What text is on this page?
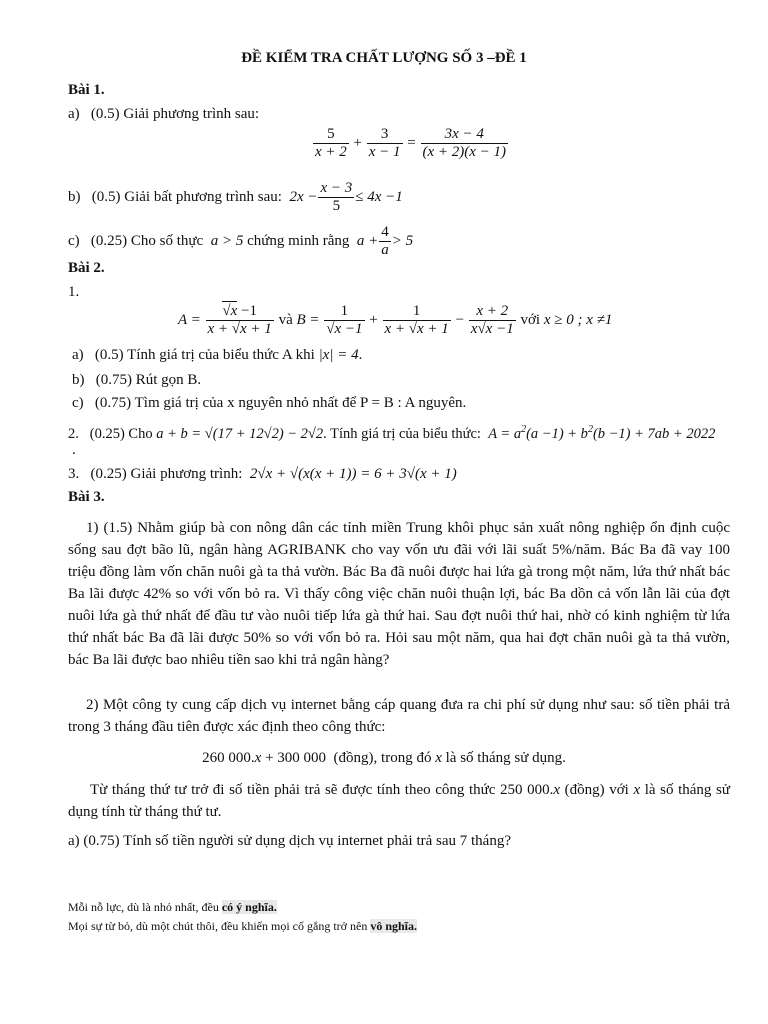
ĐỀ KIỂM TRA CHẤT LƯỢNG SỐ 3 –ĐỀ 1
Bài 1.
a) (0.5) Giải phương trình sau:
$\frac{5}{x + 2} + \frac{3}{x - 1} = \frac{3x - 4}{(x + 2)(x - 1)}$
b) (0.5) Giải bất phương trình sau: $2x - \frac{x - 3}{5} \le 4x -1$
c) (0.25) Cho số thực a > 5 chứng minh rằng $a + \frac{4}{a} > 5$
Bài 2.
1.
$A = \frac{√x -1}{x + √x + 1}$ và $B = \frac{1}{√x -1} + \frac{1}{x + √x + 1} - \frac{x + 2}{x√x -1}$ với x ≥ 0 ; x ≠1
a) (0.5) Tính giá trị của biểu thức A khi |x| = 4.
b) (0.75) Rút gọn B.
c) (0.75) Tìm giá trị của x nguyên nhỏ nhất để P = B : A nguyên.
2. (0.25) Cho a + b = √(17 + 12√2) − 2√2. Tính giá trị của biểu thức: $A = a^2(a -1) + b^2(b -1) + 7ab + 2022$
.
3. (0.25) Giải phương trình: 2√x + √(x(x + 1)) = 6 + 3√(x + 1)
Bài 3.

1) (1.5) Nhằm giúp bà con nông dân các tỉnh miền Trung khôi phục sản xuất nông nghiệp ổn định cuộc sống sau đợt bão lũ, ngân hàng AGRIBANK cho vay vốn ưu đãi với lãi suất 5%/năm. Bác Ba đã vay 100 triệu đồng làm vốn chăn nuôi gà ta thả vườn. Bác Ba đã nuôi được hai lứa gà trong một năm, lứa thứ nhất bác Ba lãi được 42% so với vốn bỏ ra. Vì thấy công việc chăn nuôi thuận lợi, bác Ba dồn cả vốn lẫn lãi của đợt nuôi lứa gà thứ nhất để đầu tư vào nuôi tiếp lứa gà thứ hai. Sau đợt nuôi thứ hai, nhờ có kinh nghiệm từ lứa thứ nhất bác Ba đã lãi được 50% so với vốn bỏ ra. Hỏi sau một năm, qua hai đợt chăn nuôi gà ta thả vườn, bác Ba lãi được bao nhiêu tiền sao khi trả ngân hàng?

2) Một công ty cung cấp dịch vụ internet bằng cáp quang đưa ra chi phí sử dụng như sau: số tiền phải trả trong 3 tháng đầu tiên được xác định theo công thức:

260 000.x + 300 000  (đồng), trong đó x là số tháng sử dụng.

Từ tháng thứ tư trở đi số tiền phải trả sẽ được tính theo công thức 250 000.x (đồng) với x là số tháng sử dụng tính từ tháng thứ tư.

a) (0.75) Tính số tiền người sử dụng dịch vụ internet phải trả sau 7 tháng?
Mỗi nỗ lực, dù là nhỏ nhất, đều có ý nghĩa.
Mọi sự từ bỏ, dù một chút thôi, đều khiến mọi cố gắng trở nên vô nghĩa.
